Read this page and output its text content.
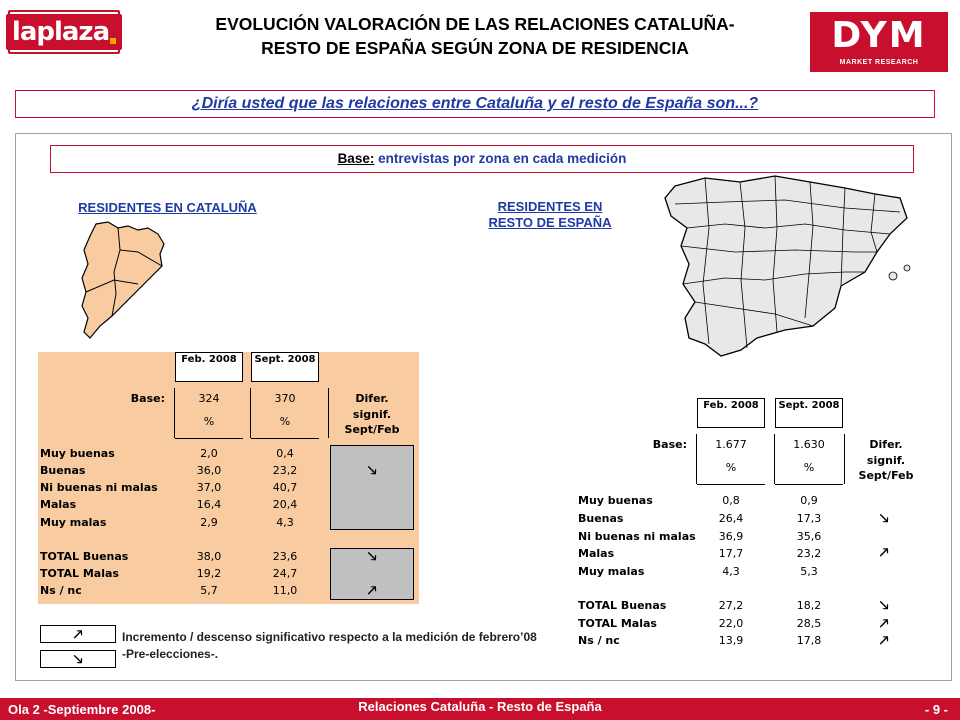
laplaza	DYM
MARKET RESEARCH
EVOLUCIÓN VALORACIÓN DE LAS RELACIONES CATALUÑA-
RESTO DE ESPAÑA SEGÚN ZONA DE RESIDENCIA
¿Diría usted que las relaciones entre Cataluña y el resto de España son...?
Base: entrevistas por zona en cada medición
RESIDENTES EN CATALUÑA	RESIDENTES EN
RESTO DE ESPAÑA
Feb. 2008	Sept. 2008
Base:	324	370
%	%
Difer.
signif.
Sept/Feb
Muy buenas	2,0	0,4
Buenas	36,0	23,2	🡖
Ni buenas ni malas	37,0	40,7
Malas	16,4	20,4
Muy malas	2,9	4,3
TOTAL Buenas	38,0	23,6	🡖
TOTAL Malas	19,2	24,7
Ns / nc	5,7	11,0	🡕
Feb. 2008	Sept. 2008
Base:	1.677	1.630
%	%
Difer.
signif.
Sept/Feb
Muy buenas	0,8	0,9
Buenas	26,4	17,3	🡖
Ni buenas ni malas	36,9	35,6
Malas	17,7	23,2	🡕
Muy malas	4,3	5,3
TOTAL Buenas	27,2	18,2	🡖
TOTAL Malas	22,0	28,5	🡕
Ns / nc	13,9	17,8	🡕
🡕
🡖
Incremento / descenso significativo respecto a la medición de febrero’08 -Pre-elecciones-.
Ola 2 -Septiembre 2008-	Relaciones Cataluña - Resto de España	- 9 -
